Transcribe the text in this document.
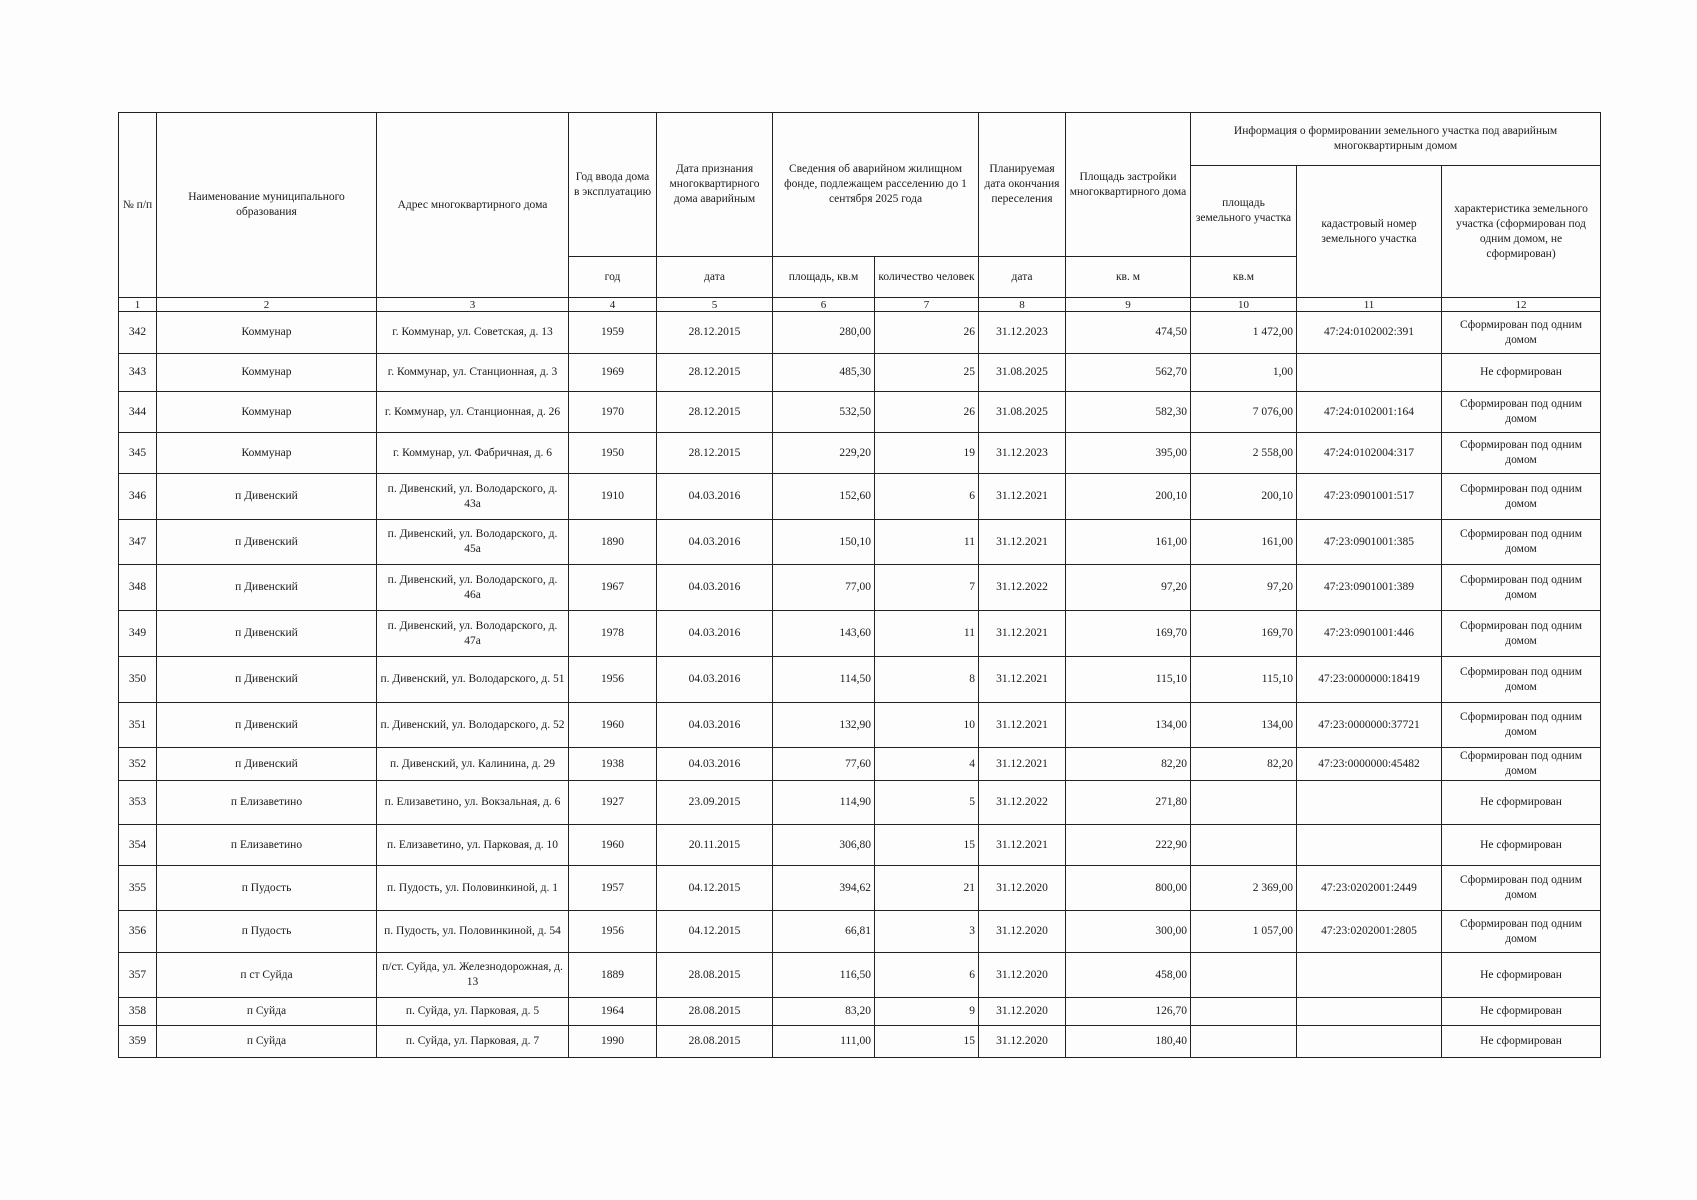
№ п/п	Наименование муниципального образования	Адрес многоквартирного дома	Год ввода дома в эксплуатацию	Дата признания многоквартирного дома аварийным	Сведения об аварийном жилищном фонде, подлежащем расселению до 1 сентября 2025 года		Планируемая дата окончания переселения	Площадь застройки многоквартирного дома	Информация о формировании земельного участка под аварийным многоквартирным домом		
									площадь земельного участка	кадастровый номер земельного участка	характеристика земельного участка (сформирован под одним домом, не сформирован)
			год	дата	площадь, кв.м	количество человек	дата	кв. м	кв.м		
1	2	3	4	5	6	7	8	9	10	11	12
342	Коммунар	г. Коммунар, ул. Советская, д. 13	1959	28.12.2015	280,00	26	31.12.2023	474,50	1 472,00	47:24:0102002:391	Сформирован под одним домом
343	Коммунар	г. Коммунар, ул. Станционная, д. 3	1969	28.12.2015	485,30	25	31.08.2025	562,70	1,00		Не сформирован
344	Коммунар	г. Коммунар, ул. Станционная, д. 26	1970	28.12.2015	532,50	26	31.08.2025	582,30	7 076,00	47:24:0102001:164	Сформирован под одним домом
345	Коммунар	г. Коммунар, ул. Фабричная, д. 6	1950	28.12.2015	229,20	19	31.12.2023	395,00	2 558,00	47:24:0102004:317	Сформирован под одним домом
346	п Дивенский	п. Дивенский, ул. Володарского, д. 43а	1910	04.03.2016	152,60	6	31.12.2021	200,10	200,10	47:23:0901001:517	Сформирован под одним домом
347	п Дивенский	п. Дивенский, ул. Володарского, д. 45а	1890	04.03.2016	150,10	11	31.12.2021	161,00	161,00	47:23:0901001:385	Сформирован под одним домом
348	п Дивенский	п. Дивенский, ул. Володарского, д. 46а	1967	04.03.2016	77,00	7	31.12.2022	97,20	97,20	47:23:0901001:389	Сформирован под одним домом
349	п Дивенский	п. Дивенский, ул. Володарского, д. 47а	1978	04.03.2016	143,60	11	31.12.2021	169,70	169,70	47:23:0901001:446	Сформирован под одним домом
350	п Дивенский	п. Дивенский, ул. Володарского, д. 51	1956	04.03.2016	114,50	8	31.12.2021	115,10	115,10	47:23:0000000:18419	Сформирован под одним домом
351	п Дивенский	п. Дивенский, ул. Володарского, д. 52	1960	04.03.2016	132,90	10	31.12.2021	134,00	134,00	47:23:0000000:37721	Сформирован под одним домом
352	п Дивенский	п. Дивенский, ул. Калинина, д. 29	1938	04.03.2016	77,60	4	31.12.2021	82,20	82,20	47:23:0000000:45482	Сформирован под одним домом
353	п Елизаветино	п. Елизаветино, ул. Вокзальная, д. 6	1927	23.09.2015	114,90	5	31.12.2022	271,80			Не сформирован
354	п Елизаветино	п. Елизаветино, ул. Парковая, д. 10	1960	20.11.2015	306,80	15	31.12.2021	222,90			Не сформирован
355	п Пудость	п. Пудость, ул. Половинкиной, д. 1	1957	04.12.2015	394,62	21	31.12.2020	800,00	2 369,00	47:23:0202001:2449	Сформирован под одним домом
356	п Пудость	п. Пудость, ул. Половинкиной, д. 54	1956	04.12.2015	66,81	3	31.12.2020	300,00	1 057,00	47:23:0202001:2805	Сформирован под одним домом
357	п ст Суйда	п/ст. Суйда, ул. Железнодорожная, д. 13	1889	28.08.2015	116,50	6	31.12.2020	458,00			Не сформирован
358	п Суйда	п. Суйда, ул. Парковая, д. 5	1964	28.08.2015	83,20	9	31.12.2020	126,70			Не сформирован
359	п Суйда	п. Суйда, ул. Парковая, д. 7	1990	28.08.2015	111,00	15	31.12.2020	180,40			Не сформирован
